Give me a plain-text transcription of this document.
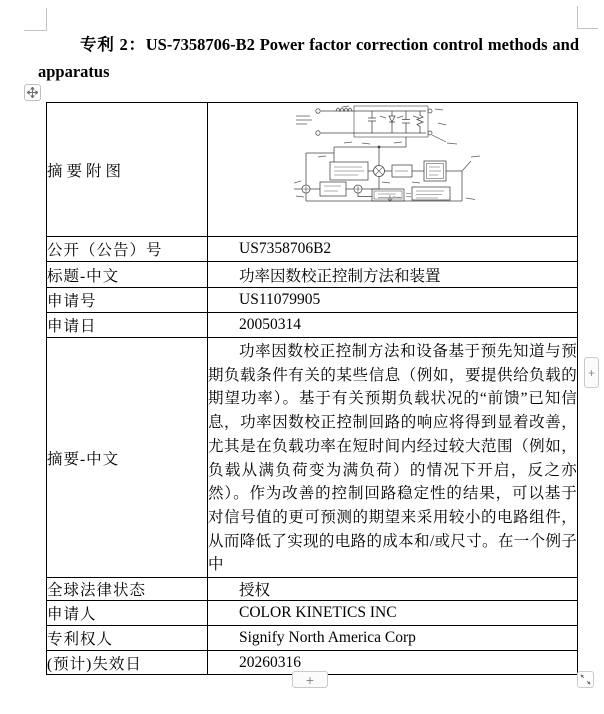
专利 2：US-7358706-B2 Power factor correction control methods and apparatus
摘要附图	

公开（公告）号	US7358706B2

标题-中文	功率因数校正控制方法和装置

申请号	US11079905

申请日	20050314

摘要-中文	功率因数校正控制方法和设备基于预先知道与预期负载条件有关的某些信息（例如，要提供给负载的期望功率）。基于有关预期负载状况的“前馈”已知信息，功率因数校正控制回路的响应将得到显着改善，尤其是在负载功率在短时间内经过较大范围（例如，负载从满负荷变为满负荷）的情况下开启，反之亦然）。作为改善的控制回路稳定性的结果，可以基于对信号值的更可预测的期望来采用较小的电路组件，从而降低了实现的电路的成本和/或尺寸。在一个例子中

全球法律状态	授权

申请人	COLOR KINETICS INC

专利权人	Signify North America Corp

(预计)失效日	20260316
+
+
